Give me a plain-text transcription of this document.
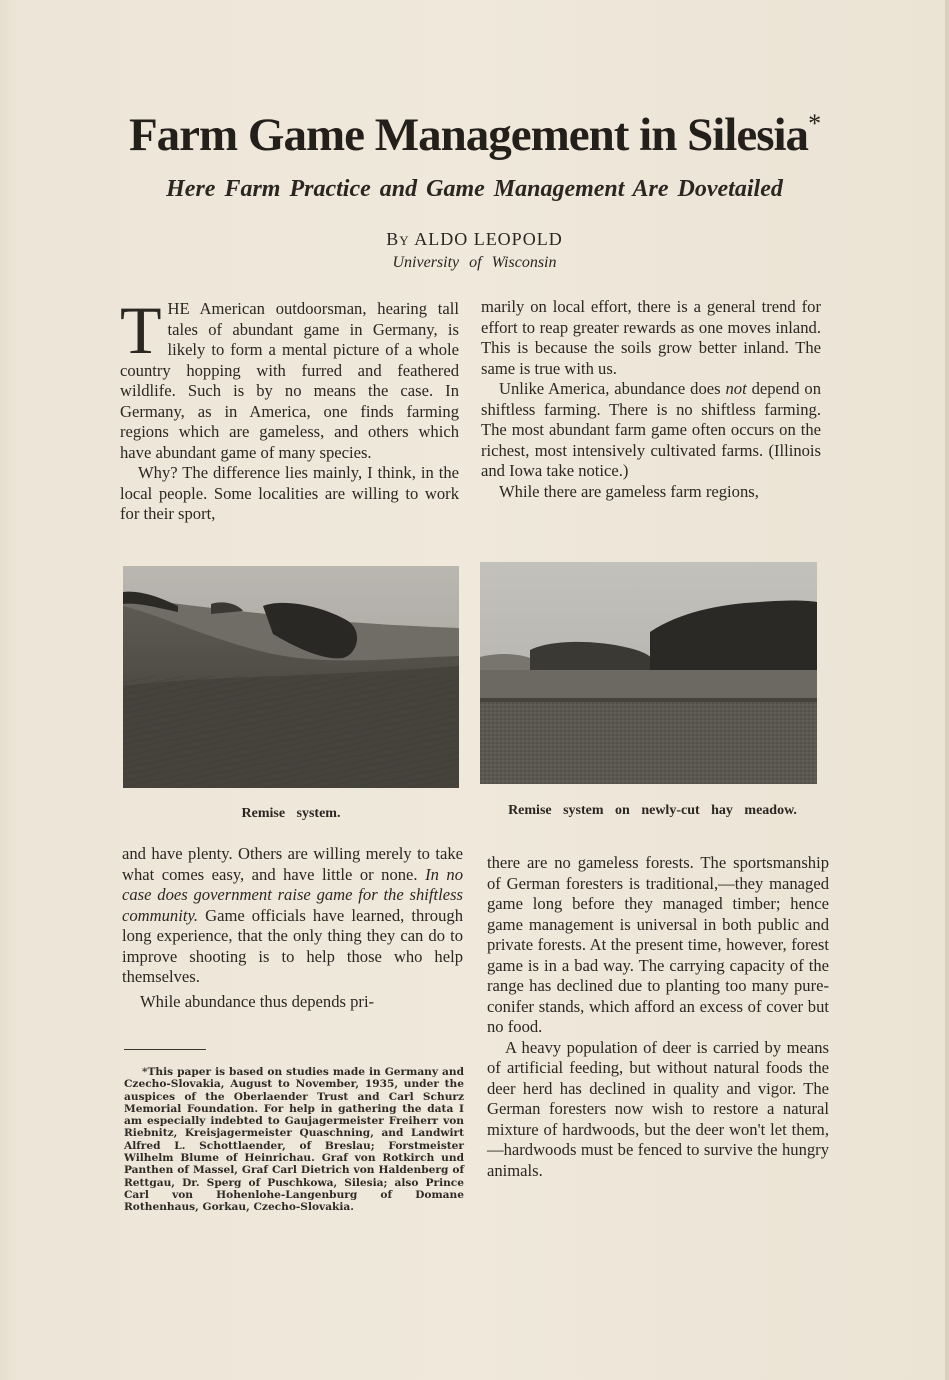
Farm Game Management in Silesia*
Here Farm Practice and Game Management Are Dovetailed
By ALDO LEOPOLD
University of Wisconsin

THE American outdoorsman, hearing tall tales of abundant game in Germany, is likely to form a mental picture of a whole country hopping with furred and feathered wildlife. Such is by no means the case. In Germany, as in America, one finds farming regions which are gameless, and others which have abundant game of many species.

Why? The difference lies mainly, I think, in the local people. Some localities are willing to work for their sport,

marily on local effort, there is a general trend for effort to reap greater rewards as one moves inland. This is because the soils grow better inland. The same is true with us.

Unlike America, abundance does not depend on shiftless farming. There is no shiftless farming. The most abundant farm game often occurs on the richest, most intensively cultivated farms. (Illinois and Iowa take notice.)

While there are gameless farm regions,

Remise system.	Remise system on newly-cut hay meadow.

and have plenty. Others are willing merely to take what comes easy, and have little or none. In no case does government raise game for the shiftless community. Game officials have learned, through long experience, that the only thing they can do to improve shooting is to help those who help themselves.

While abundance thus depends pri-

*This paper is based on studies made in Germany and Czecho-Slovakia, August to November, 1935, under the auspices of the Oberlaender Trust and Carl Schurz Memorial Foundation. For help in gathering the data I am especially indebted to Gaujagermeister Freiherr von Riebnitz, Kreisjagermeister Quaschning, and Landwirt Alfred L. Schottlaender, of Breslau; Forstmeister Wilhelm Blume of Heinrichau. Graf von Rotkirch und Panthen of Massel, Graf Carl Dietrich von Haldenberg of Rettgau, Dr. Sperg of Puschkowa, Silesia; also Prince Carl von Hohenlohe-Langenburg of Domane Rothenhaus, Gorkau, Czecho-Slovakia.

there are no gameless forests. The sportsmanship of German foresters is traditional,—they managed game long before they managed timber; hence game management is universal in both public and private forests. At the present time, however, forest game is in a bad way. The carrying capacity of the range has declined due to planting too many pure-conifer stands, which afford an excess of cover but no food.

A heavy population of deer is carried by means of artificial feeding, but without natural foods the deer herd has declined in quality and vigor. The German foresters now wish to restore a natural mixture of hardwoods, but the deer won't let them,—hardwoods must be fenced to survive the hungry animals.
